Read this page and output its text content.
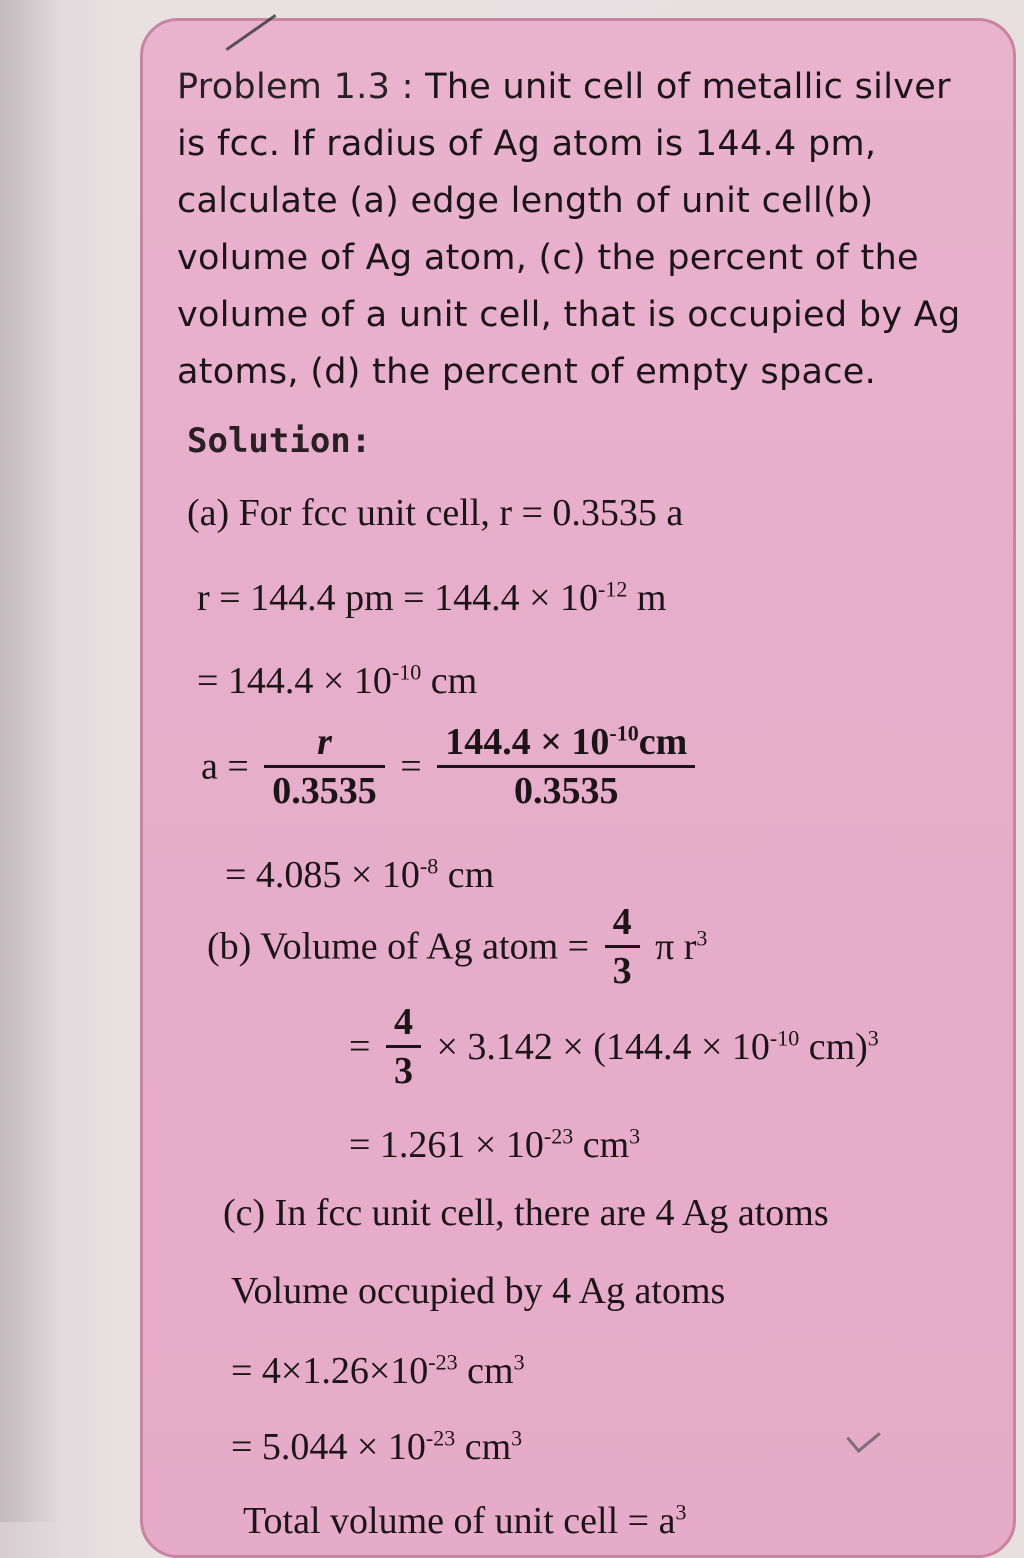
Problem 1.3 : The unit cell of metallic silver is fcc. If radius of Ag atom is 144.4 pm, calculate (a) edge length of unit cell(b) volume of Ag atom, (c) the percent of the volume of a unit cell, that is occupied by Ag atoms, (d) the percent of empty space.
Solution:
(a) For fcc unit cell, r = 0.3535 a
r = 144.4 pm = $144.4 \times 10^{-12}$ m
= $144.4 \times 10^{-10}$ cm
$a = \frac{r}{0.3535} = \frac{144.4 \times 10^{-10}cm}{0.3535}$
= $4.085 \times 10^{-8}$ cm
(b) Volume of Ag atom = $\frac{4}{3}$ π $r^3$
= $\frac{4}{3} \times 3.142 \times (144.4 \times 10^{-10}$ cm)$^3$
= $1.261 \times 10^{-23}$ $cm^3$
(c) In fcc unit cell, there are 4 Ag atoms
Volume occupied by 4 Ag atoms
= $4\times 1.26\times 10^{-23}$ $cm^3$
= $5.044 \times 10^{-23}$ $cm^3$
Total volume of unit cell = $a^3$
